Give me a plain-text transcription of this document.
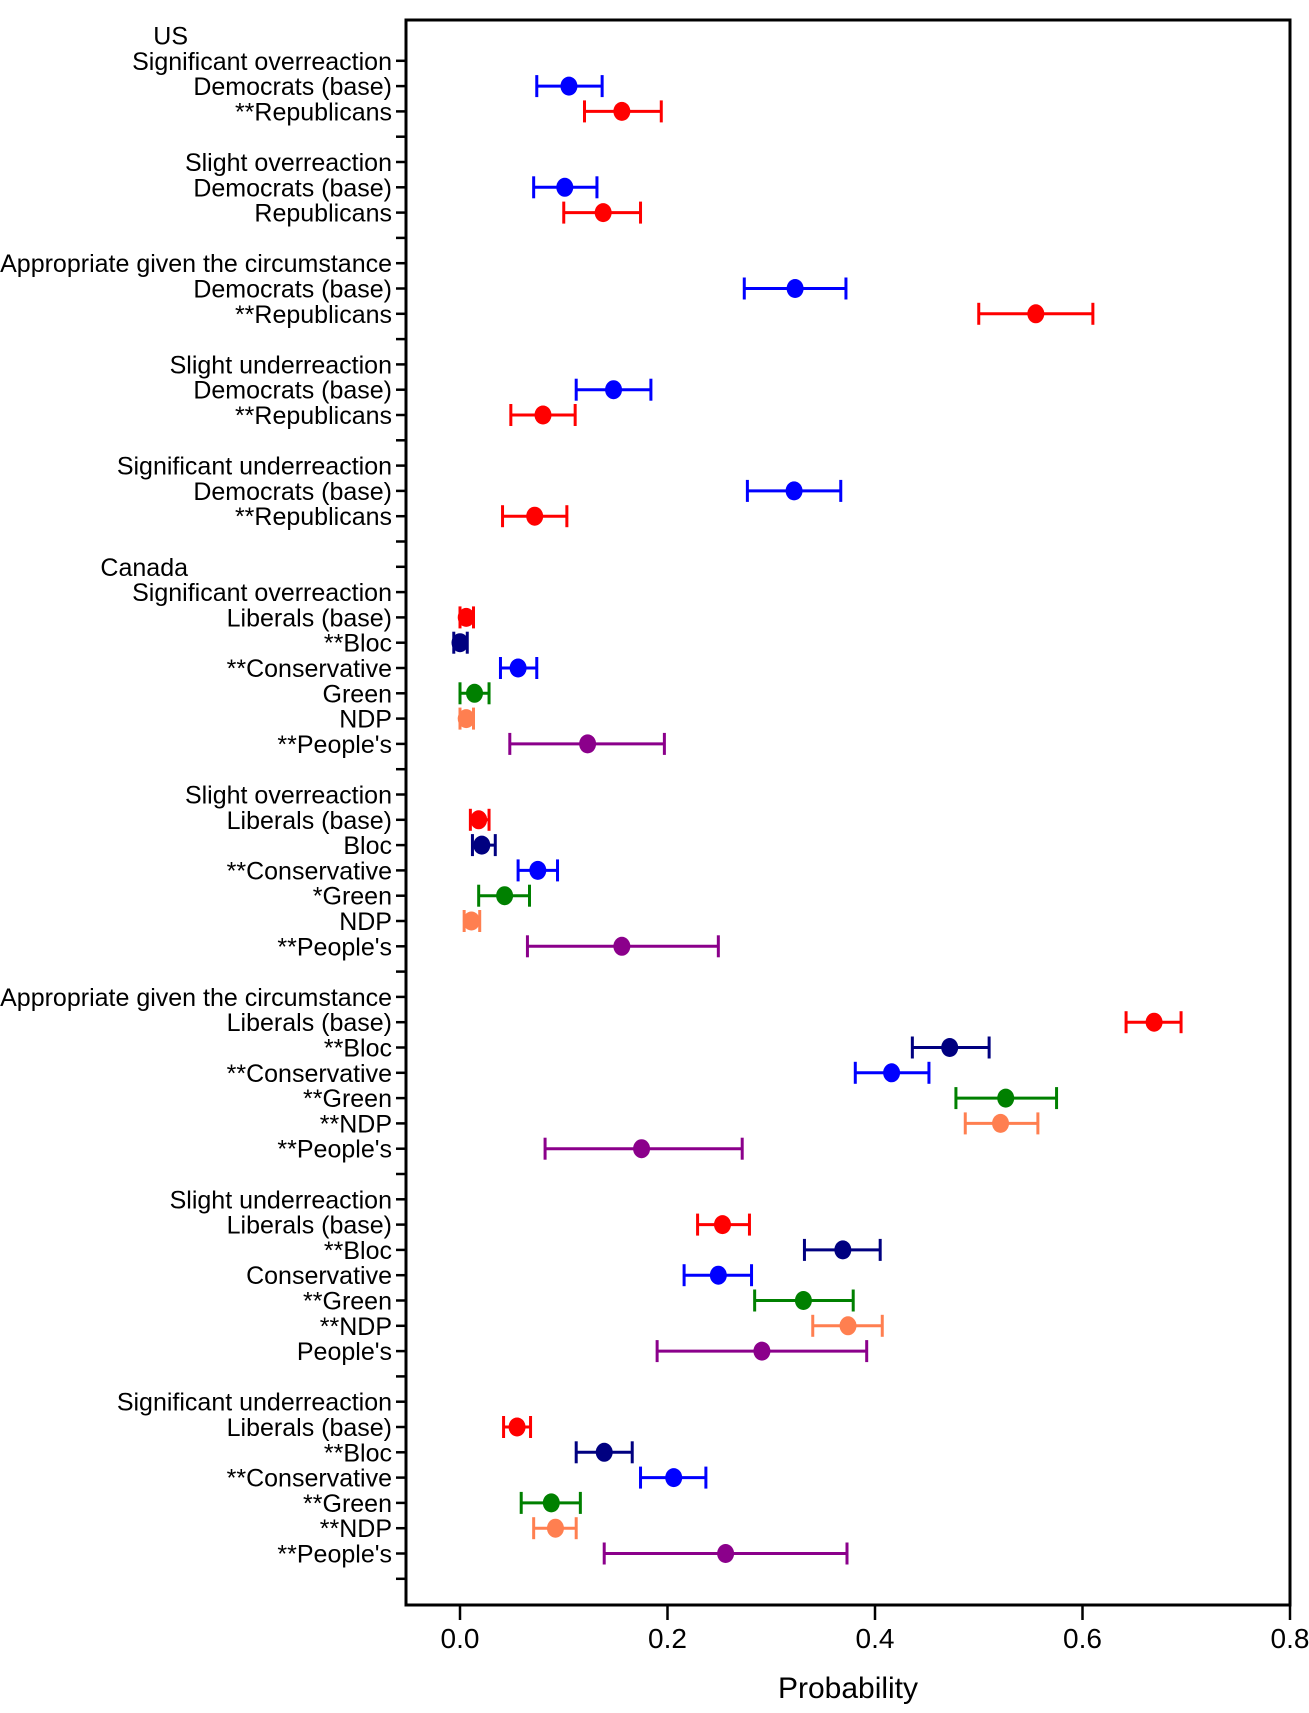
0.0	0.2	0.4	0.6	0.8
US
Significant overreaction
Democrats (base)
**Republicans
Slight overreaction
Democrats (base)
Republicans
Appropriate given the circumstance
Democrats (base)
**Republicans
Slight underreaction
Democrats (base)
**Republicans
Significant underreaction
Democrats (base)
**Republicans
Canada
Significant overreaction
Liberals (base)
**Bloc
**Conservative
Green
NDP
**People's
Slight overreaction
Liberals (base)
Bloc
**Conservative
*Green
NDP
**People's
Appropriate given the circumstance
Liberals (base)
**Bloc
**Conservative
**Green
**NDP
**People's
Slight underreaction
Liberals (base)
**Bloc
Conservative
**Green
**NDP
People's
Significant underreaction
Liberals (base)
**Bloc
**Conservative
**Green
**NDP
**People's
Probability
